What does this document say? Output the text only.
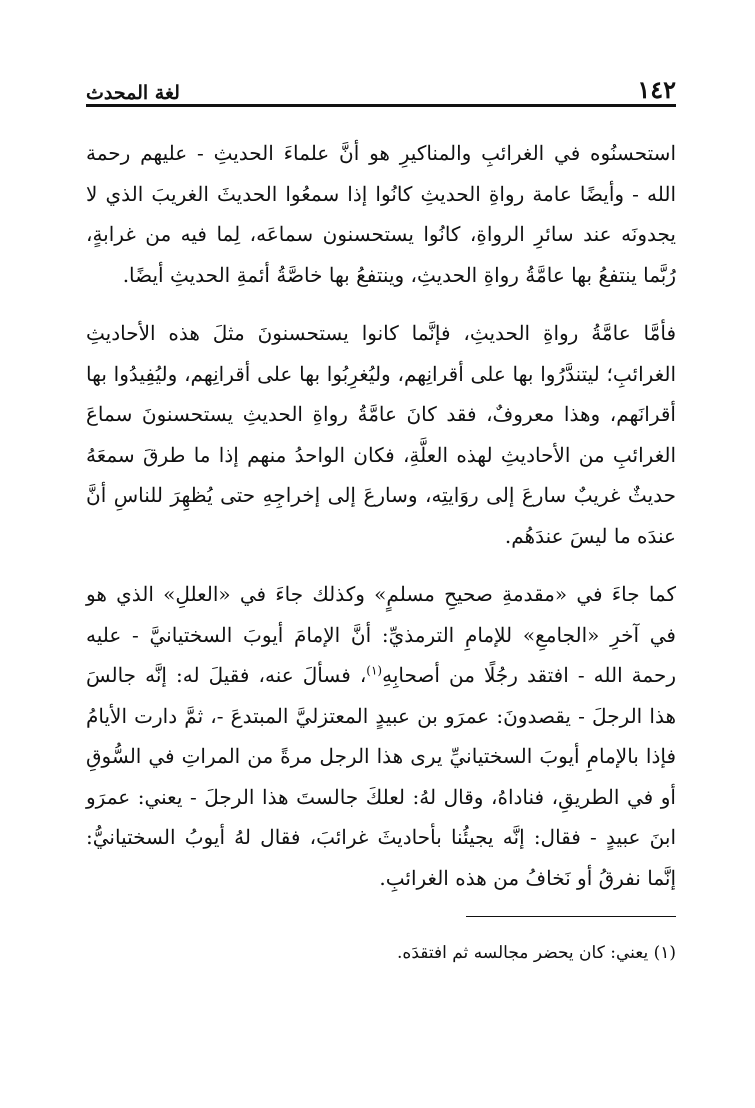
١٤٢
لغة المحدث

استحسنُوه في الغرائبِ والمناكيرِ هو أنَّ علماءَ الحديثِ - عليهم رحمة الله - وأيضًا عامة رواةِ الحديثِ كانُوا إذا سمعُوا الحديثَ الغريبَ الذي لا يجدونَه عند سائرِ الرواةِ، كانُوا يستحسنون سماعَه، لِما فيه من غرابةٍ، رُبَّما ينتفعُ بها عامَّةُ رواةِ الحديثِ، وينتفعُ بها خاصَّةُ أئمةِ الحديثِ أيضًا.

فأمَّا عامَّةُ رواةِ الحديثِ، فإنَّما كانوا يستحسنونَ مثلَ هذه الأحاديثِ الغرائبِ؛ ليتندَّرُوا بها على أقرانِهم، وليُغرِبُوا بها على أقرانِهم، وليُفِيدُوا بها أقرانَهم، وهذا معروفٌ، فقد كانَ عامَّةُ رواةِ الحديثِ يستحسنونَ سماعَ الغرائبِ من الأحاديثِ لهذه العلَّةِ، فكان الواحدُ منهم إذا ما طرقَ سمعَهُ حديثٌ غريبٌ سارعَ إلى روَايتِه، وسارعَ إلى إخراجِهِ حتى يُظهِرَ للناسِ أنَّ عندَه ما ليسَ عندَهُم.

كما جاءَ في «مقدمةِ صحيحِ مسلمٍ» وكذلك جاءَ في «العللِ» الذي هو في آخرِ «الجامعِ» للإمامِ الترمذيِّ: أنَّ الإمامَ أيوبَ السختيانيَّ - عليه رحمة الله - افتقد رجُلًا من أصحابِهِ$^{(١)}$، فسألَ عنه، فقيلَ له: إنَّه جالسَ هذا الرجلَ - يقصدونَ: عمرَو بن عبيدٍ المعتزليَّ المبتدعَ -، ثمَّ دارت الأيامُ فإذا بالإمامِ أيوبَ السختيانيِّ يرى هذا الرجل مرةً من المراتِ في السُّوقِ أو في الطريقِ، فناداهُ، وقال لهُ: لعلكَ جالستَ هذا الرجلَ - يعني: عمرَو ابنَ عبيدٍ - فقال: إنَّه يجيئُنا بأحاديثَ غرائبَ، فقال لهُ أيوبُ السختيانيُّ: إنَّما نفرقُ أو نَخافُ من هذه الغرائبِ.

(١) يعني: كان يحضر مجالسه ثم افتقدَه.
